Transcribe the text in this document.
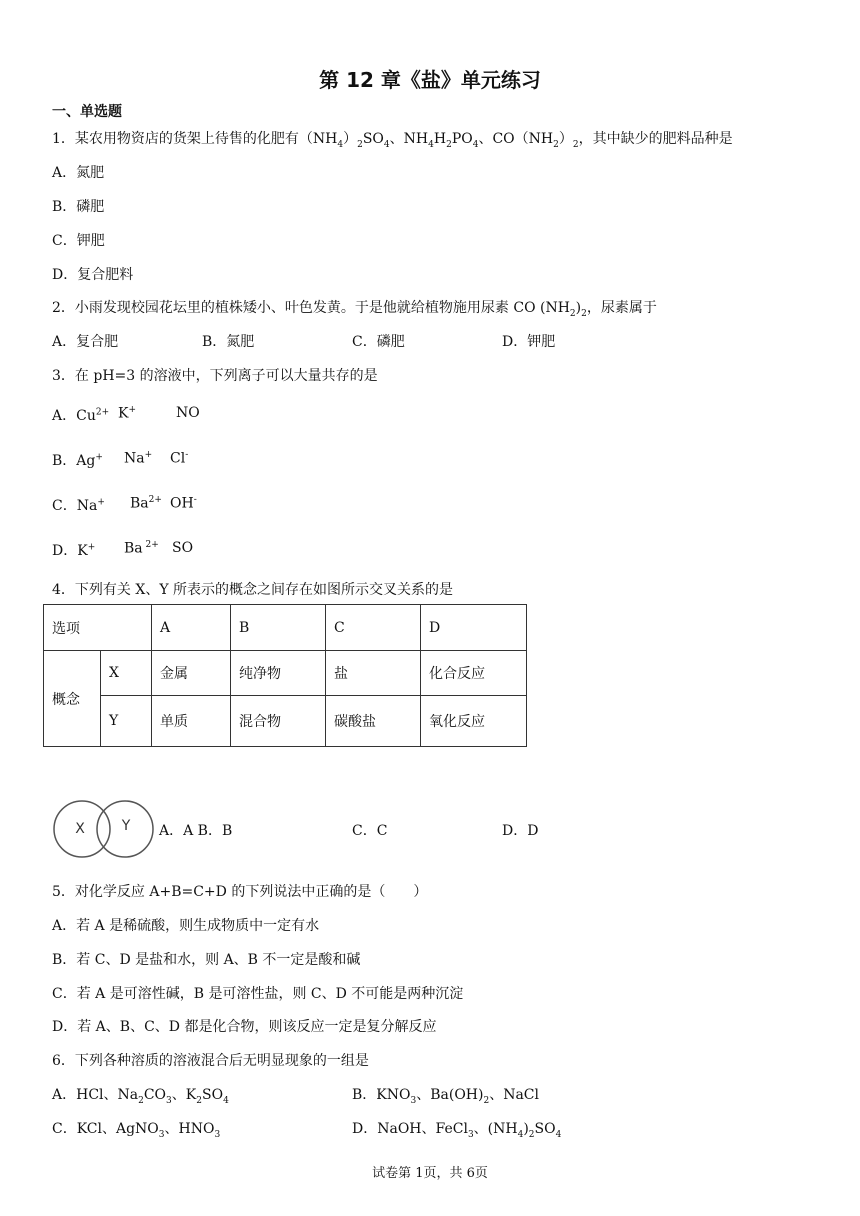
第 12 章《盐》单元练习
一、单选题
1．某农用物资店的货架上待售的化肥有$(NH_4)_2SO_4$、$NH_4H_2PO_4$、$CO(NH_2)_2$，其中缺少的肥料品种是
A．氮肥
B．磷肥
C．钾肥
D．复合肥料
2．小雨发现校园花坛里的植株矮小、叶色发黄。于是他就给植物施用尿素 CO $(NH_2)_2$，尿素属于
A．复合肥	B．氮肥	C．磷肥	D．钾肥
3．在 pH=3 的溶液中，下列离子可以大量共存的是
A．$Cu^{2+}$ K+	NO
B．Ag+ Na+ Cl-
C．Na+ $Ba^{2+}$ OH-
D．K+ Ba $^{2+}$ SO
4．下列有关 X、Y 所表示的概念之间存在如图所示交叉关系的是
选项		A	B	C	D
概念	X	金属	纯净物	盐	化合反应
	Y	单质	混合物	碳酸盐	氧化反应
X	Y A．A B．B	C．C	D．D
5．对化学反应 A+B=C+D 的下列说法中正确的是（　　）
A．若 A 是稀硫酸，则生成物质中一定有水
B．若 C、D 是盐和水，则 A、B 不一定是酸和碱
C．若 A 是可溶性碱，B 是可溶性盐，则 C、D 不可能是两种沉淀
D．若 A、B、C、D 都是化合物，则该反应一定是复分解反应
6．下列各种溶质的溶液混合后无明显现象的一组是
A．HCl、$Na_2CO_3$、$K_2SO_4$	B．$KNO_3$、$Ba(OH)_2$、NaCl
C．KCl、AgNO$_3$、$HNO_3$	D．NaOH、FeCl$_3$、$(NH_4)_2SO_4$
试卷第 1页，共 6页
